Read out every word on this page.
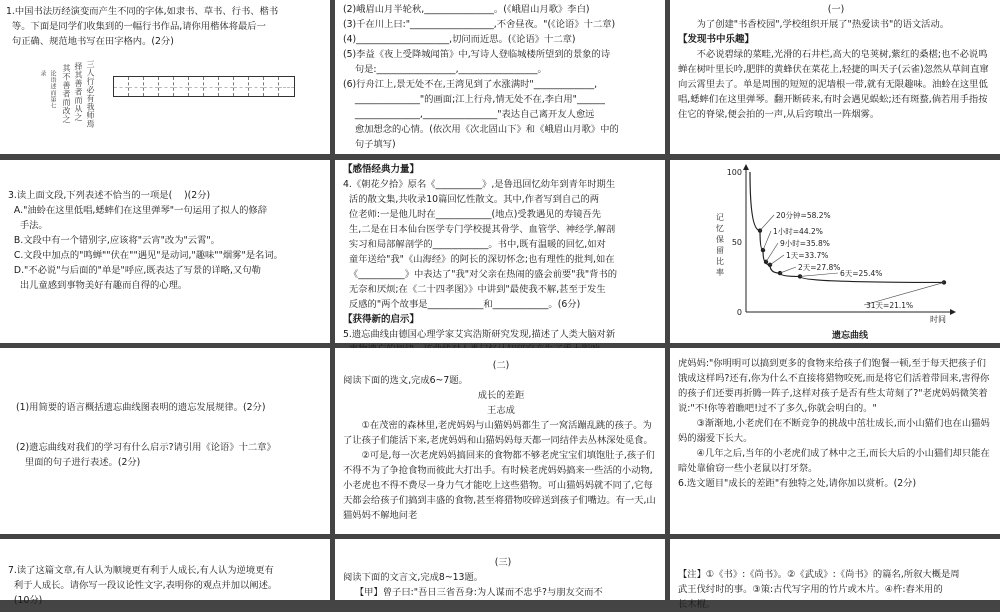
1.中国书法历经演变而产生不同的字体,如隶书、草书、行书、楷书

等。下面是同学们收集到的一幅行书作品,请你用楷体将最后一

句正确、规范地书写在田字格内。(2分)

三人行必有我师焉
择其善者而从之
其不善者而改之
论语述而第七
录

(2)峨眉山月半轮秋,_______________。(《峨眉山月歌》李白)

(3)千在川上曰:"__________________,不舍昼夜。"(《论语》十二章)

(4)____________________,切问而近思。(《论语》十二章)

(5)李益《夜上受降城闻笛》中,写诗人登临城楼所望到的景象的诗

句是:_________________,_________________。

(6)行舟江上,景无处不在,王湾见到了水涨满时"_____________,

______________"的画面;江上行舟,情无处不在,李白用"______

______________,________________"表达自己离开友人愈远

愈加想念的心情。(依次用《次北固山下》和《峨眉山月歌》中的

句子填写)

(一)

为了创建"书香校园",学校组织开展了"热爱读书"的语文活动。

【发现书中乐趣】

不必说碧绿的菜畦,光滑的石井栏,高大的皂荚树,紫红的桑椹;也不必说鸣蝉在树叶里长吟,肥胖的黄蜂伏在菜花上,轻捷的叫天子(云雀)忽然从草间直窜向云霄里去了。单是周围的短短的泥墙根一带,就有无限趣味。油蛉在这里低唱,蟋蟀们在这里弹琴。翻开断砖来,有时会遇见蜈蚣;还有斑蝥,倘若用手指按住它的脊梁,便会拍的一声,从后窍喷出一阵烟雾。

3.读上面文段,下列表述不恰当的一项是(    )(2分)

A."油蛉在这里低唱,蟋蟀们在这里弹琴"一句运用了拟人的修辞

手法。

B.文段中有一个错别字,应该将"云宵"改为"云霄"。

C.文段中加点的"鸣蝉""伏在""遇见"是动词,"趣味""烟雾"是名词。

D."不必说"与后面的"单是"呼应,既表达了写景的详略,又句勒

出儿童感到事物美好有趣而自得的心理。

【感悟经典力量】

4.《朝花夕拾》原名《__________》,是鲁迅回忆幼年到青年时期生

活的散文集,共收录10篇回忆性散文。其中,作者写到自己的两

位老师:一是他儿时在____________(地点)受教遇见的寿镜吾先

生,二是在日本仙台医学专门学校提其骨学、血管学、神经学,解剖

实习和局部解剖学的____________。书中,既有温暖的回忆,如对

童年送给"我"《山海经》的阿长的深切怀念;也有理性的批判,如在

《__________》中表达了"我"对父亲在热闹的盛会前要"我"背书的

无奈和厌烦;在《二十四孝图》》中讲到"最使我不解,甚至于发生

反感的"两个故事是____________和____________。(6分)

【获得新的启示】

5.遗忘曲线由德国心理学家艾宾浩斯研究发现,描述了人类大脑对新

100
50
0
记
忆
保
留
比
率
时间
遗忘曲线
20分钟=58.2%
1小时=44.2%
9小时=35.8%
1天=33.7%
2天=27.8%
6天=25.4%
31天=21.1%

(1)用简要的语言概括遗忘曲线图表明的遗忘发展规律。(2分)

(2)遗忘曲线对我们的学习有什么启示?请引用《论语》十二章》

里面的句子进行表述。(2分)

(二)

阅读下面的选文,完成6~7题。

成长的差距

王志成

①在茂密的森林里,老虎妈妈与山猫妈妈都生了一窝活蹦乱跳的孩子。为了让孩子们能活下来,老虎妈妈和山猫妈妈每天都一同结伴去丛林深处觅食。

②可是,每一次老虎妈妈搞回来的食物都不够老虎宝宝们填饱肚子,孩子们不得不为了争抢食物而彼此大打出手。有时候老虎妈妈搞来一些活的小动物,小老虎也不得不费尽一身力气才能吃上这些猎物。可山猫妈妈就不同了,它每天都会给孩子们搞到丰盛的食物,甚至将猎物咬碎送到孩子们嘴边。有一天,山猫妈妈不解地问老

虎妈妈:"你明明可以搞到更多的食物来给孩子们饱餐一顿,至于每天把孩子们饿成这样吗?还有,你为什么不直接将猎物咬死,而是将它们活着带回来,害得你的孩子们还要再折腾一阵子,这样对孩子是否有些太苛刻了?"老虎妈妈微笑着说:"不!你等着瞧吧!过不了多久,你就会明白的。"

③渐渐地,小老虎们在不断竞争的挑战中茁壮成长,而小山猫们也在山猫妈妈的溺爱下长大。

④几年之后,当年的小老虎们成了林中之王,而长大后的小山猫们却只能在暗处靠偷窃一些小老鼠以打牙祭。

6.选文题目"成长的差距"有独特之处,请你加以赏析。(2分)

7.读了这篇文章,有人认为顺境更有利于人成长,有人认为逆境更有

利于人成长。请你写一段议论性文字,表明你的观点并加以阐述。

(10分)

(三)

阅读下面的文言文,完成8~13题。

【甲】曾子曰:"吾日三省吾身:为人谋而不忠乎?与朋友交而不

【注】①《书》:《尚书》。②《武成》:《尚书》的篇名,所叙大概是周

武王伐纣时的事。③策:古代写字用的竹片或木片。④杵:舂米用的

长木棍。
